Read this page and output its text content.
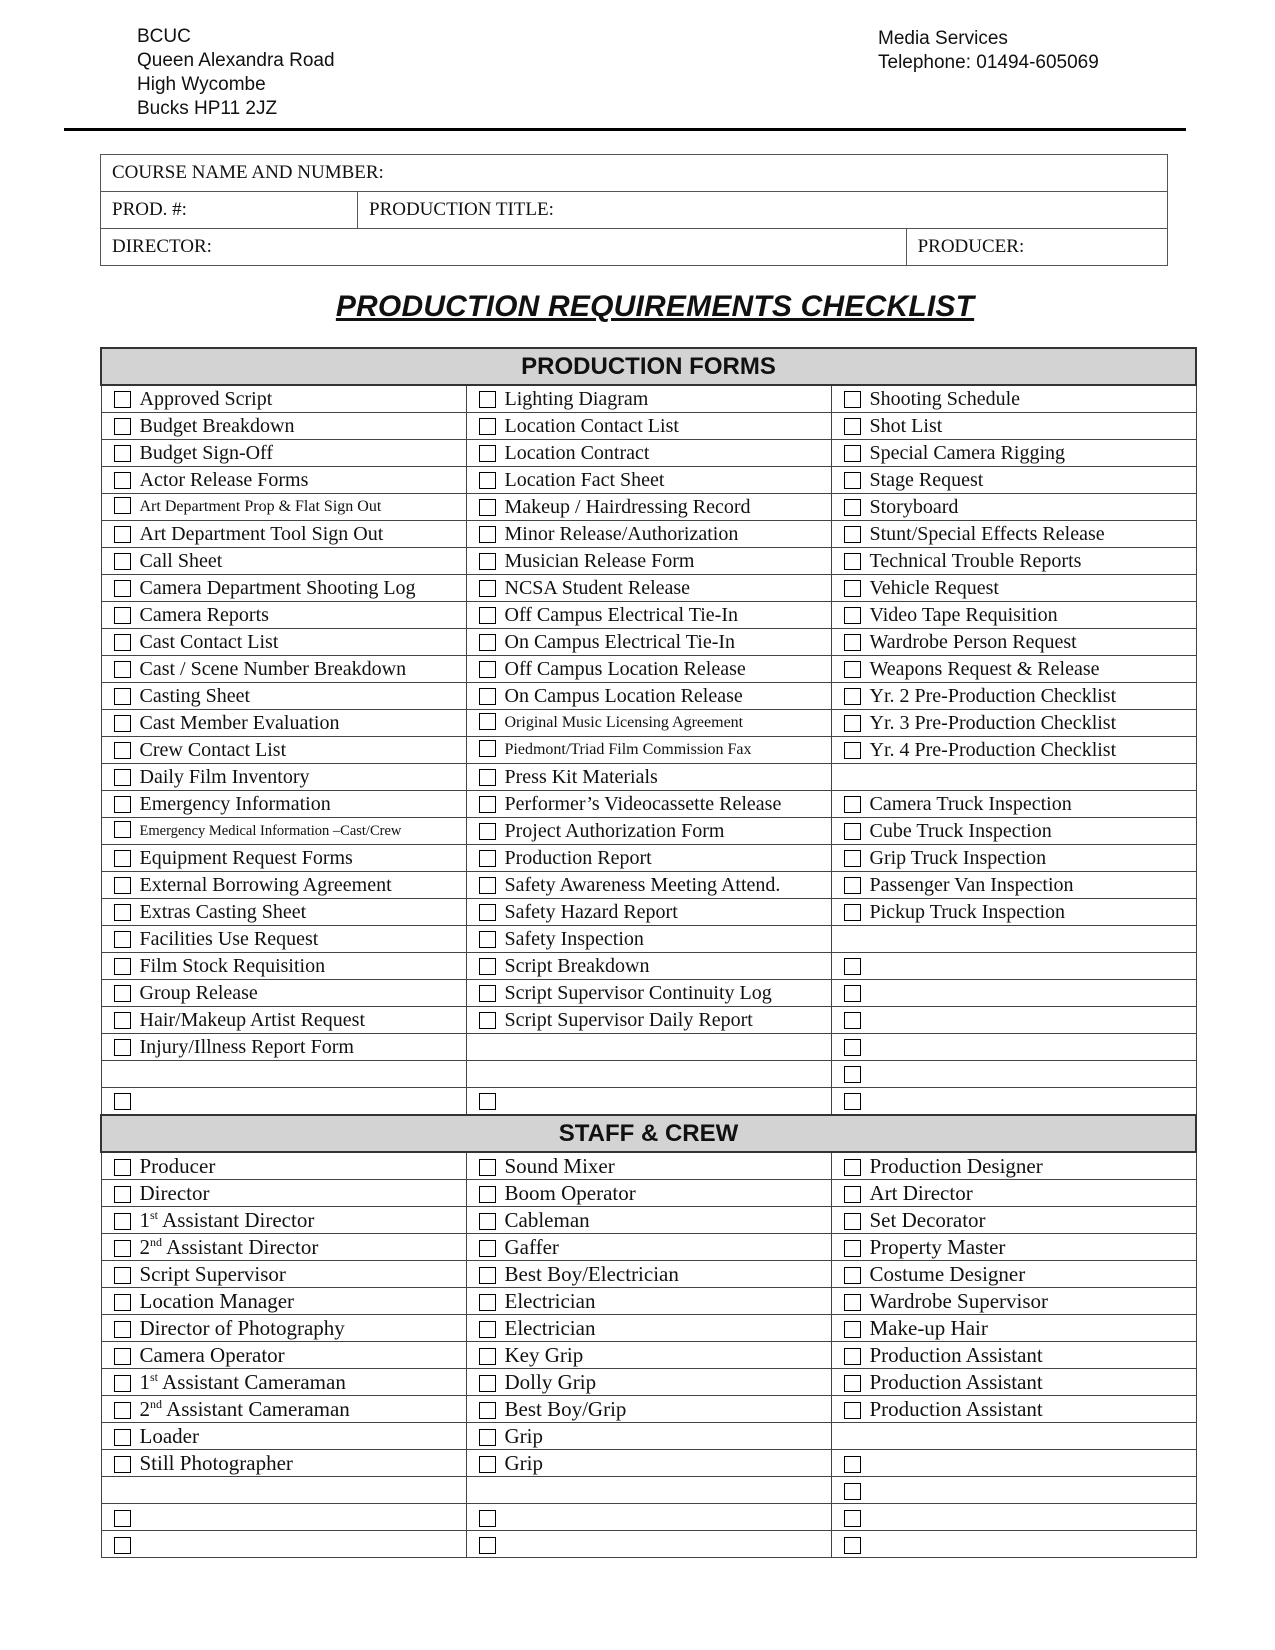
BCUC
Queen Alexandra Road
High Wycombe
Bucks HP11 2JZ
Media Services
Telephone: 01494-605069
COURSE NAME AND NUMBER:		
PROD. #:	PRODUCTION TITLE:	
DIRECTOR:		PRODUCER:
PRODUCTION REQUIREMENTS CHECKLIST
PRODUCTION FORMS		
Approved Script	Lighting Diagram	Shooting Schedule
Budget Breakdown	Location Contact List	Shot List
Budget Sign-Off	Location Contract	Special Camera Rigging
Actor Release Forms	Location Fact Sheet	Stage Request
Art Department Prop & Flat Sign Out	Makeup / Hairdressing Record	Storyboard
Art Department Tool Sign Out	Minor Release/Authorization	Stunt/Special Effects Release
Call Sheet	Musician Release Form	Technical Trouble Reports
Camera Department Shooting Log	NCSA Student Release	Vehicle Request
Camera Reports	Off Campus Electrical Tie-In	Video Tape Requisition
Cast Contact List	On Campus Electrical Tie-In	Wardrobe Person Request
Cast / Scene Number Breakdown	Off Campus Location Release	Weapons Request & Release
Casting Sheet	On Campus Location Release	Yr. 2 Pre-Production Checklist
Cast Member Evaluation	Original Music Licensing Agreement	Yr. 3 Pre-Production Checklist
Crew Contact List	Piedmont/Triad Film Commission Fax	Yr. 4 Pre-Production Checklist
Daily Film Inventory	Press Kit Materials	
Emergency Information	Performer’s Videocassette Release	Camera Truck Inspection
Emergency Medical Information –Cast/Crew	Project Authorization Form	Cube Truck Inspection
Equipment Request Forms	Production Report	Grip Truck Inspection
External Borrowing Agreement	Safety Awareness Meeting Attend.	Passenger Van Inspection
Extras Casting Sheet	Safety Hazard Report	Pickup Truck Inspection
Facilities Use Request	Safety Inspection	
Film Stock Requisition	Script Breakdown	
Group Release	Script Supervisor Continuity Log	
Hair/Makeup Artist Request	Script Supervisor Daily Report	
Injury/Illness Report Form		

STAFF & CREW		
Producer	Sound Mixer	Production Designer
Director	Boom Operator	Art Director
1st Assistant Director	Cableman	Set Decorator
2nd Assistant Director	Gaffer	Property Master
Script Supervisor	Best Boy/Electrician	Costume Designer
Location Manager	Electrician	Wardrobe Supervisor
Director of Photography	Electrician	Make-up Hair
Camera Operator	Key Grip	Production Assistant
1st Assistant Cameraman	Dolly Grip	Production Assistant
2nd Assistant Cameraman	Best Boy/Grip	Production Assistant
Loader	Grip	
Still Photographer	Grip	
